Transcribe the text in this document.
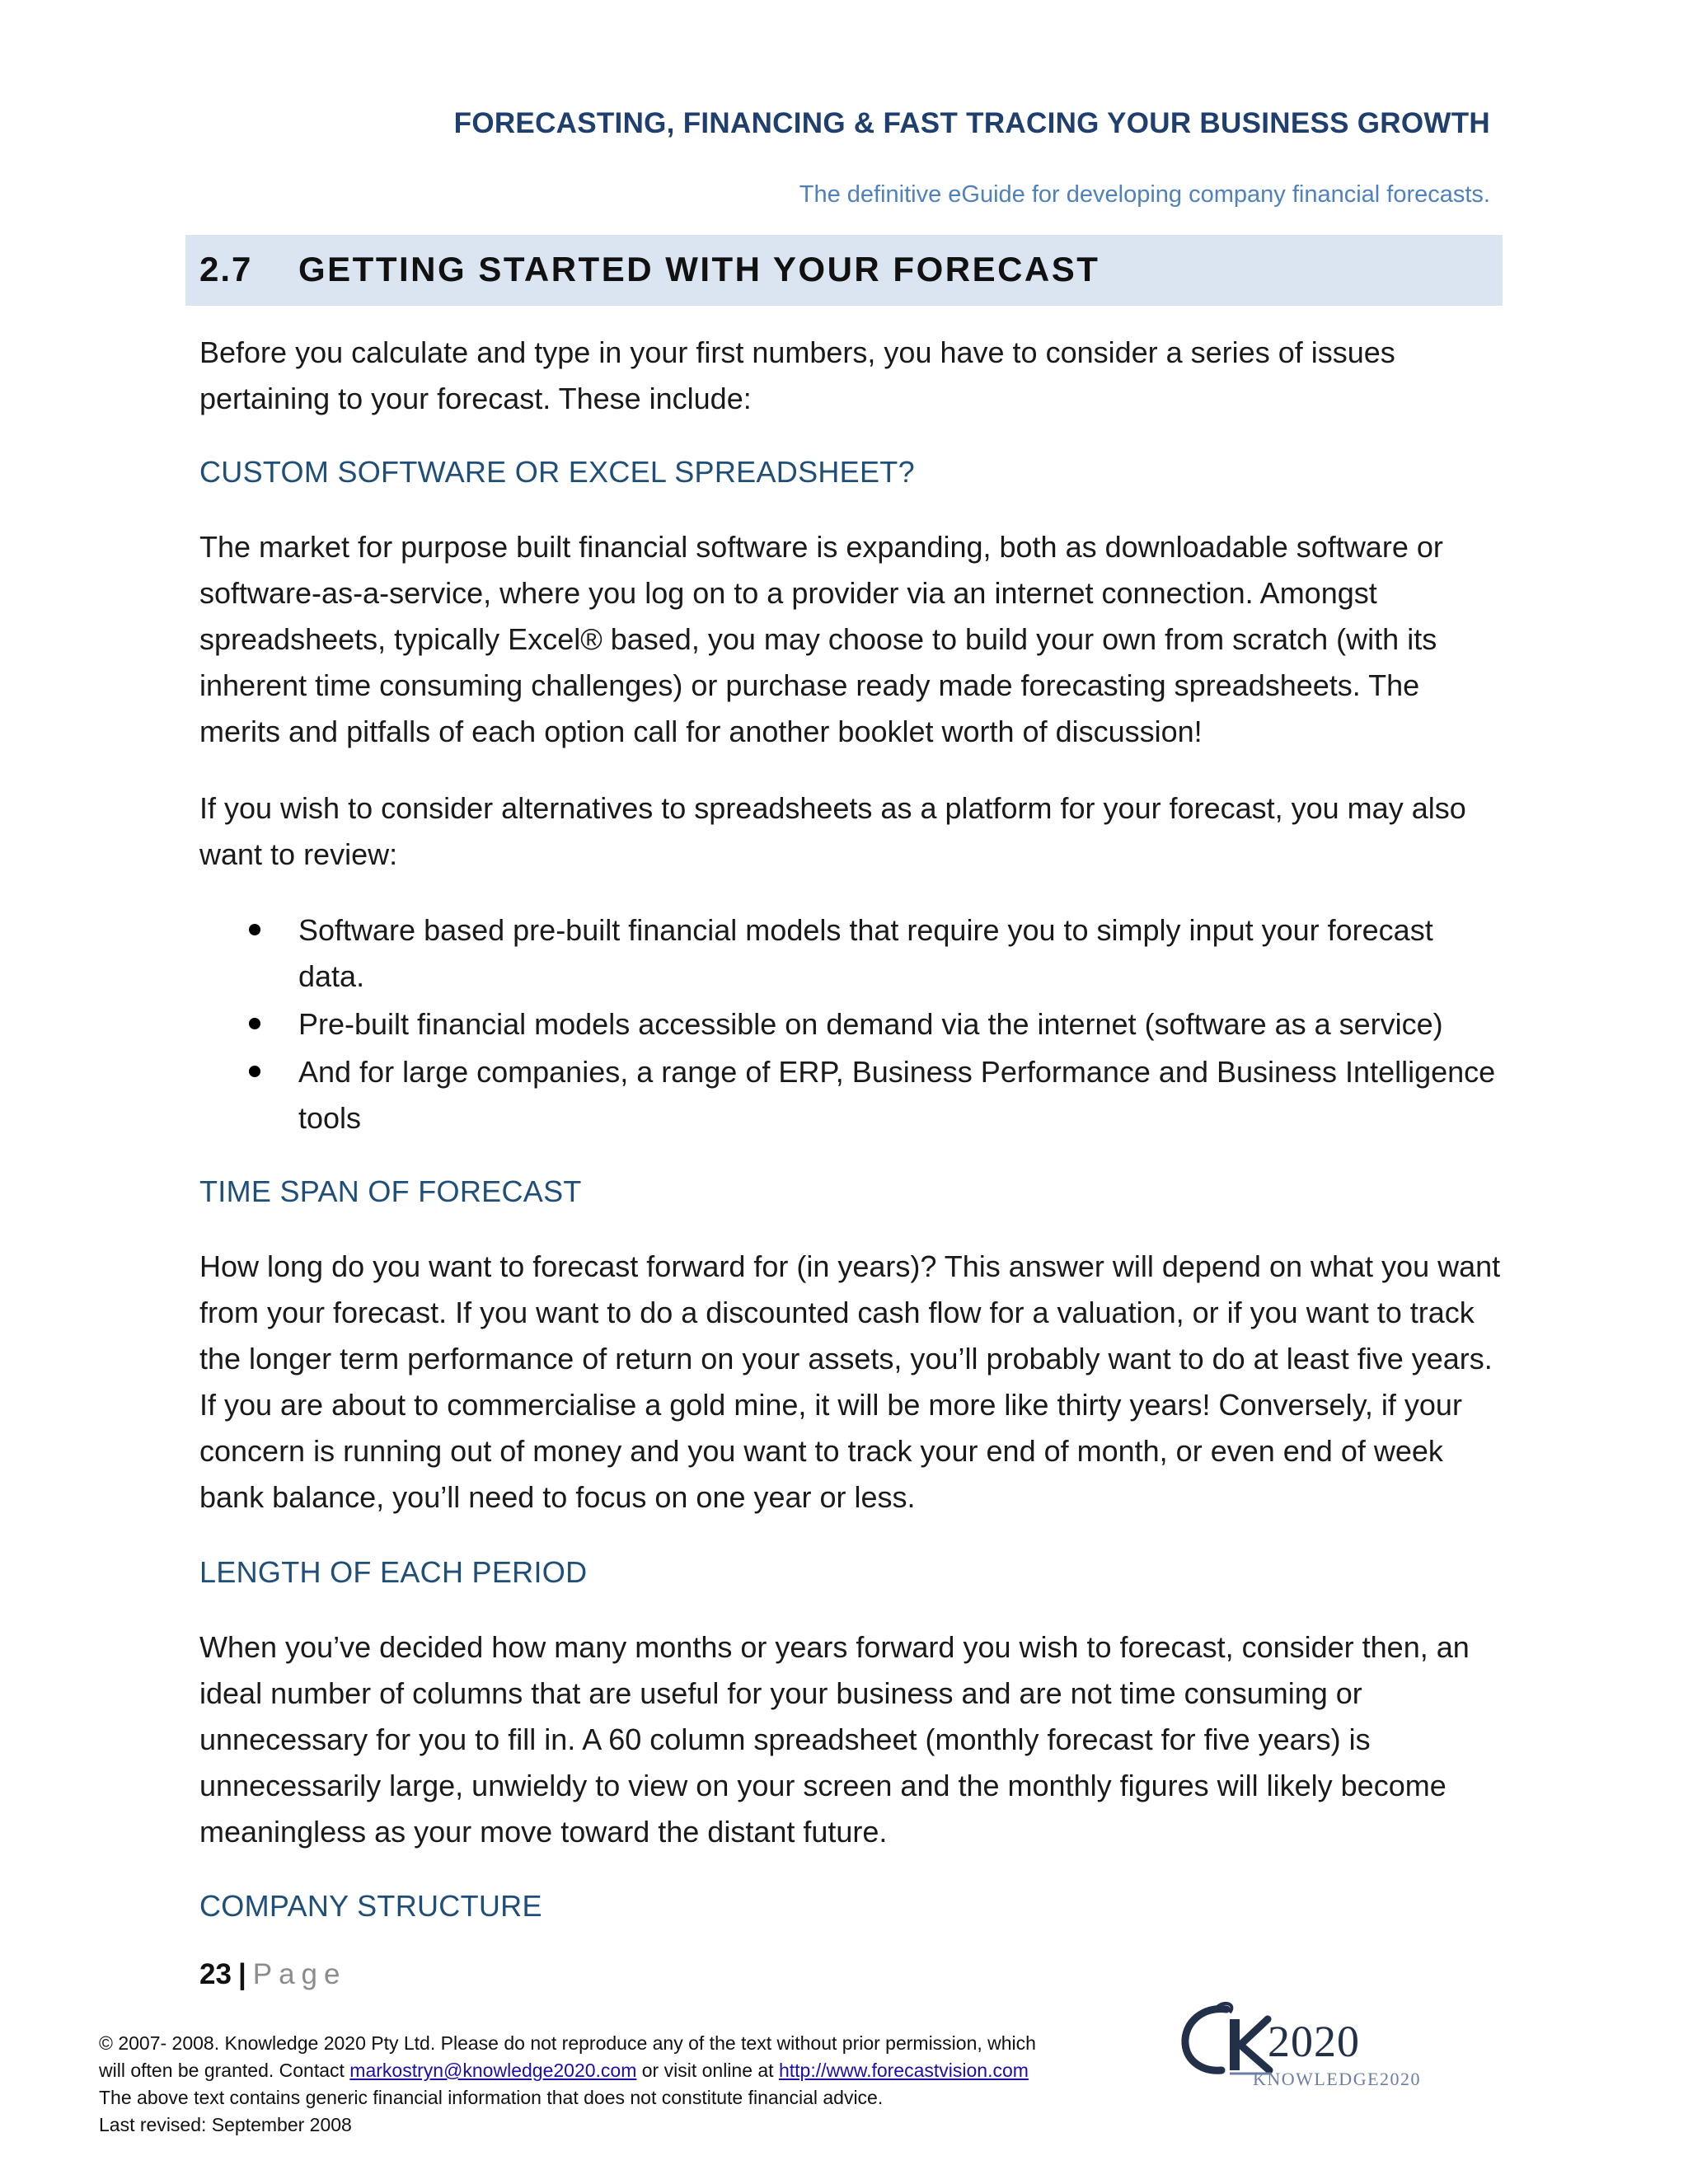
FORECASTING, FINANCING & FAST TRACING YOUR BUSINESS GROWTH
The definitive eGuide for developing company financial forecasts.
2.7 GETTING STARTED WITH YOUR FORECAST

Before you calculate and type in your first numbers, you have to consider a series of issues pertaining to your forecast. These include:

CUSTOM SOFTWARE OR EXCEL SPREADSHEET?

The market for purpose built financial software is expanding, both as downloadable software or software-as-a-service, where you log on to a provider via an internet connection. Amongst spreadsheets, typically Excel® based, you may choose to build your own from scratch (with its inherent time consuming challenges) or purchase ready made forecasting spreadsheets. The merits and pitfalls of each option call for another booklet worth of discussion!

If you wish to consider alternatives to spreadsheets as a platform for your forecast, you may also want to review:

Software based pre-built financial models that require you to simply input your forecast data.
Pre-built financial models accessible on demand via the internet (software as a service)
And for large companies, a range of ERP, Business Performance and Business Intelligence tools

TIME SPAN OF FORECAST

How long do you want to forecast forward for (in years)? This answer will depend on what you want from your forecast. If you want to do a discounted cash flow for a valuation, or if you want to track the longer term performance of return on your assets, you’ll probably want to do at least five years. If you are about to commercialise a gold mine, it will be more like thirty years! Conversely, if your concern is running out of money and you want to track your end of month, or even end of week bank balance, you’ll need to focus on one year or less.

LENGTH OF EACH PERIOD

When you’ve decided how many months or years forward you wish to forecast, consider then, an ideal number of columns that are useful for your business and are not time consuming or unnecessary for you to fill in. A 60 column spreadsheet (monthly forecast for five years) is unnecessarily large, unwieldy to view on your screen and the monthly figures will likely become meaningless as your move toward the distant future.

COMPANY STRUCTURE

23 | Page

© 2007- 2008. Knowledge 2020 Pty Ltd. Please do not reproduce any of the text without prior permission, which

will often be granted. Contact markostryn@knowledge2020.com or visit online at http://www.forecastvision.com

The above text contains generic financial information that does not constitute financial advice.

Last revised: September 2008

2020
KNOWLEDGE2020
